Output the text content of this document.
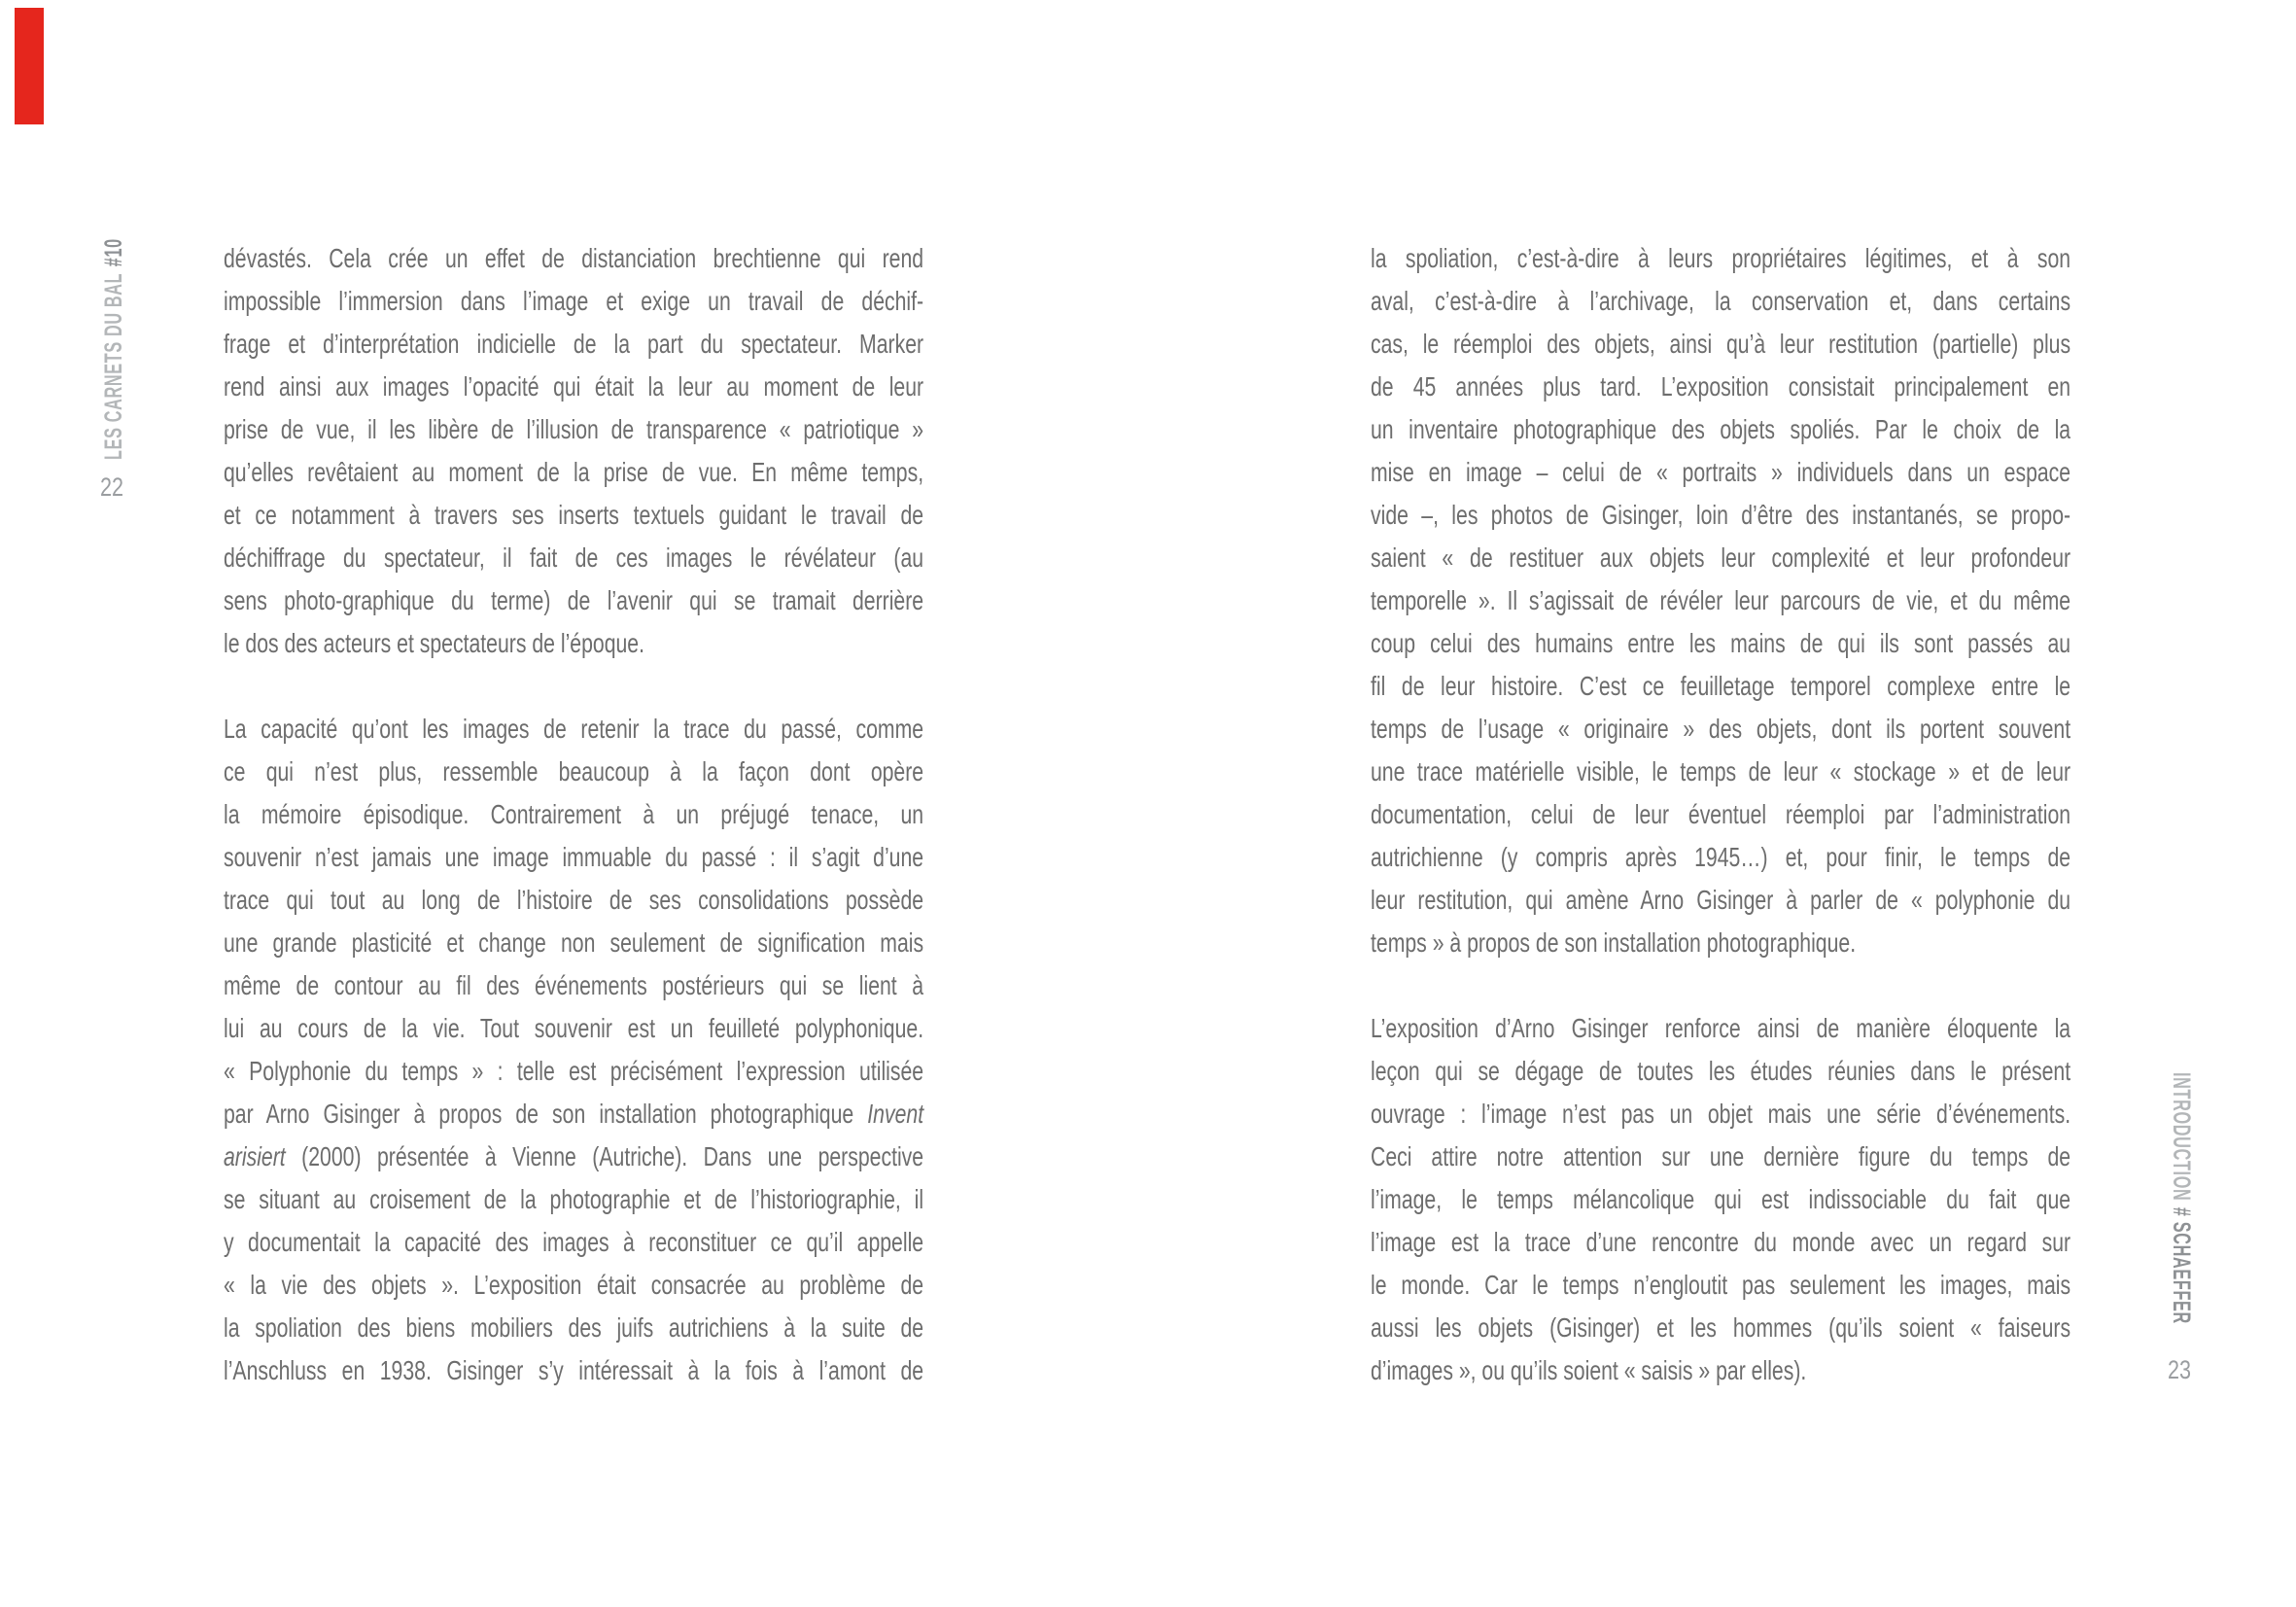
LES CARNETS DU BAL#10
22
dévastés. Cela crée un effet de distanciation brechtienne qui rend
impossible l’immersion dans l’image et exige un travail de déchif-
frage et d’interprétation indicielle de la part du spectateur. Marker
rend ainsi aux images l’opacité qui était la leur au moment de leur
prise de vue, il les libère de l’illusion de transparence « patriotique »
qu’elles revêtaient au moment de la prise de vue. En même temps,
et ce notamment à travers ses inserts textuels guidant le travail de
déchiffrage du spectateur, il fait de ces images le révélateur (au
sens photo-graphique du terme) de l’avenir qui se tramait derrière
le dos des acteurs et spectateurs de l’époque.
La capacité qu’ont les images de retenir la trace du passé, comme
ce qui n’est plus, ressemble beaucoup à la façon dont opère
la mémoire épisodique. Contrairement à un préjugé tenace, un
souvenir n’est jamais une image immuable du passé : il s’agit d’une
trace qui tout au long de l’histoire de ses consolidations possède
une grande plasticité et change non seulement de signification mais
même de contour au fil des événements postérieurs qui se lient à
lui au cours de la vie. Tout souvenir est un feuilleté polyphonique.
« Polyphonie du temps » : telle est précisément l’expression utilisée
par Arno Gisinger à propos de son installation photographique Invent
arisiert (2000) présentée à Vienne (Autriche). Dans une perspective
se situant au croisement de la photographie et de l’historiographie, il
y documentait la capacité des images à reconstituer ce qu’il appelle
« la vie des objets ». L’exposition était consacrée au problème de
la spoliation des biens mobiliers des juifs autrichiens à la suite de
l’Anschluss en 1938. Gisinger s’y intéressait à la fois à l’amont de
la spoliation, c’est-à-dire à leurs propriétaires légitimes, et à son
aval, c’est-à-dire à l’archivage, la conservation et, dans certains
cas, le réemploi des objets, ainsi qu’à leur restitution (partielle) plus
de 45 années plus tard. L’exposition consistait principalement en
un inventaire photographique des objets spoliés. Par le choix de la
mise en image – celui de « portraits » individuels dans un espace
vide –, les photos de Gisinger, loin d’être des instantanés, se propo-
saient « de restituer aux objets leur complexité et leur profondeur
temporelle ». Il s’agissait de révéler leur parcours de vie, et du même
coup celui des humains entre les mains de qui ils sont passés au
fil de leur histoire. C’est ce feuilletage temporel complexe entre le
temps de l’usage « originaire » des objets, dont ils portent souvent
une trace matérielle visible, le temps de leur « stockage » et de leur
documentation, celui de leur éventuel réemploi par l’administration
autrichienne (y compris après 1945…) et, pour finir, le temps de
leur restitution, qui amène Arno Gisinger à parler de « polyphonie du
temps » à propos de son installation photographique.
L’exposition d’Arno Gisinger renforce ainsi de manière éloquente la
leçon qui se dégage de toutes les études réunies dans le présent
ouvrage : l’image n’est pas un objet mais une série d’événements.
Ceci attire notre attention sur une dernière figure du temps de
l’image, le temps mélancolique qui est indissociable du fait que
l’image est la trace d’une rencontre du monde avec un regard sur
le monde. Car le temps n’engloutit pas seulement les images, mais
aussi les objets (Gisinger) et les hommes (qu’ils soient « faiseurs
d’images », ou qu’ils soient « saisis » par elles).
INTRODUCTION# SCHAEFFER
23
